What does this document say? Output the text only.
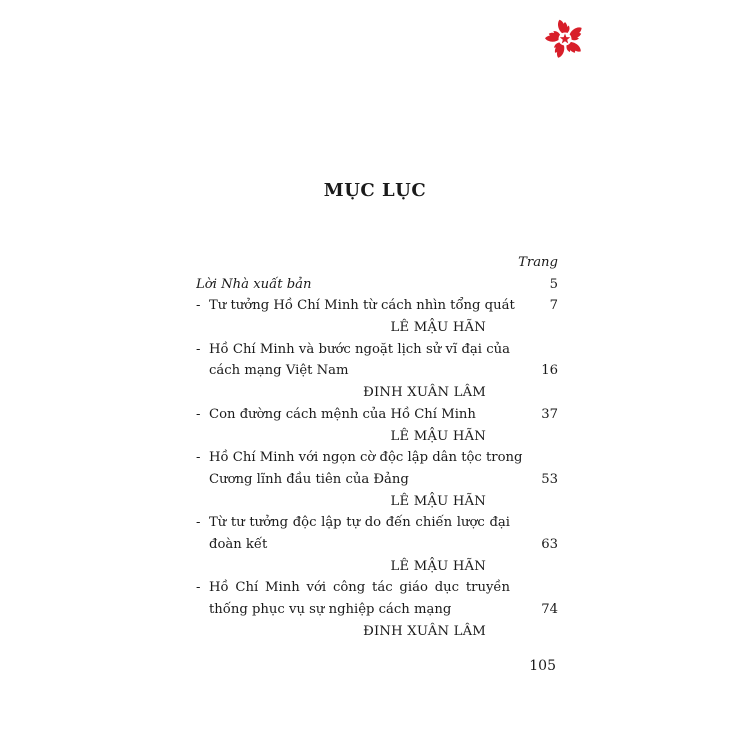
MỤC LỤC
Trang
Lời Nhà xuất bản	5
- Tư tưởng Hồ Chí Minh từ cách nhìn tổng quát	7
LÊ MẬU HÃN
- Hồ Chí Minh và bước ngoặt lịch sử vĩ đại của
cách mạng Việt Nam	16
ĐINH XUÂN LÂM
- Con đường cách mệnh của Hồ Chí Minh	37
LÊ MẬU HÃN
- Hồ Chí Minh với ngọn cờ độc lập dân tộc trong
Cương lĩnh đầu tiên của Đảng	53
LÊ MẬU HÃN
- Từ tư tưởng độc lập tự do đến chiến lược đại
đoàn kết	63
LÊ MẬU HÃN
- Hồ Chí Minh với công tác giáo dục truyền
thống phục vụ sự nghiệp cách mạng	74
ĐINH XUÂN LÂM
105
